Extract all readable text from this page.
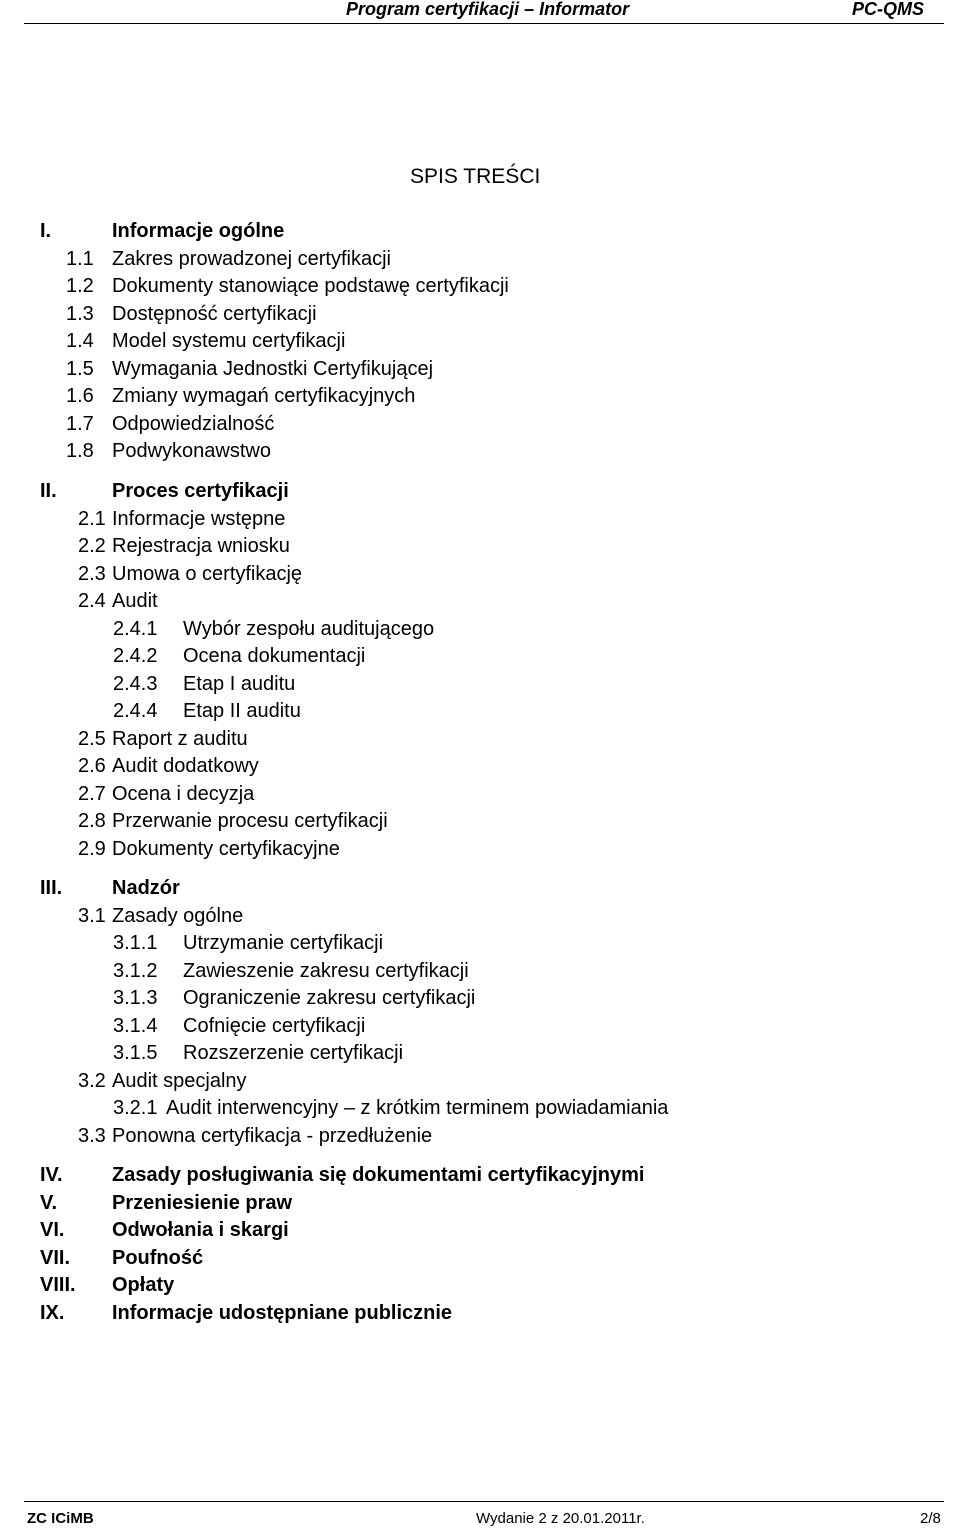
Program certyfikacji – Informator	PC-QMS
SPIS TREŚCI
I.	Informacje ogólne
1.1 Zakres prowadzonej certyfikacji
1.2 Dokumenty stanowiące podstawę certyfikacji
1.3 Dostępność certyfikacji
1.4 Model systemu certyfikacji
1.5 Wymagania Jednostki Certyfikującej
1.6 Zmiany wymagań certyfikacyjnych
1.7 Odpowiedzialność
1.8 Podwykonawstwo
II.	Proces certyfikacji
2.1 Informacje wstępne
2.2 Rejestracja wniosku
2.3 Umowa o certyfikację
2.4 Audit
2.4.1 Wybór zespołu auditującego
2.4.2 Ocena dokumentacji
2.4.3 Etap I auditu
2.4.4 Etap II auditu
2.5 Raport z auditu
2.6 Audit dodatkowy
2.7 Ocena i decyzja
2.8 Przerwanie procesu certyfikacji
2.9 Dokumenty certyfikacyjne
III. Nadzór
3.1 Zasady ogólne
3.1.1 Utrzymanie certyfikacji
3.1.2 Zawieszenie zakresu certyfikacji
3.1.3 Ograniczenie zakresu certyfikacji
3.1.4 Cofnięcie certyfikacji
3.1.5 Rozszerzenie certyfikacji
3.2 Audit specjalny
3.2.1 Audit interwencyjny – z krótkim terminem powiadamiania
3.3 Ponowna certyfikacja - przedłużenie
IV. Zasady posługiwania się dokumentami certyfikacyjnymi
V.	Przeniesienie praw
VI. Odwołania i skargi
VII. Poufność
VIII. Opłaty
IX. Informacje udostępniane publicznie
ZC ICiMB	Wydanie 2 z 20.01.2011r.	2/8
